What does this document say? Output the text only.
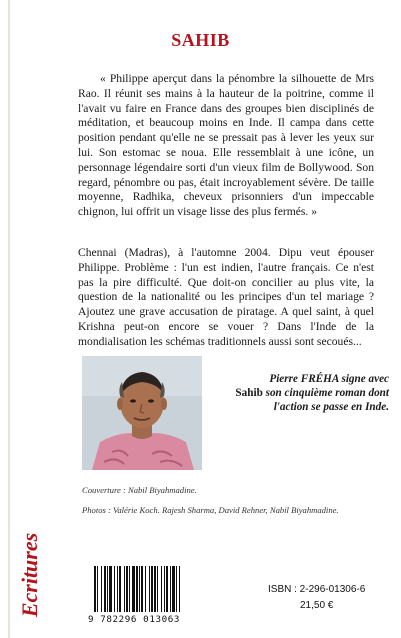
SAHIB

« Philippe aperçut dans la pénombre la silhouette de Mrs Rao. Il réunit ses mains à la hauteur de la poitrine, comme il l'avait vu faire en France dans des groupes bien disciplinés de méditation, et beaucoup moins en Inde. Il campa dans cette position pendant qu'elle ne se pressait pas à lever les yeux sur lui. Son estomac se noua. Elle ressemblait à une icône, un personnage légendaire sorti d'un vieux film de Bollywood. Son regard, pénombre ou pas, était incroyablement sévère. De taille moyenne, Radhika, cheveux prisonniers d'un impeccable chignon, lui offrit un visage lisse des plus fermés. »

Chennai (Madras), à l'automne 2004. Dipu veut épouser Philippe. Problème : l'un est indien, l'autre français. Ce n'est pas la pire difficulté. Que doit-on concilier au plus vite, la question de la nationalité ou les principes d'un tel mariage ? Ajoutez une grave accusation de piratage. A quel saint, à quel Krishna peut-on encore se vouer ? Dans l'Inde de la mondialisation les schémas traditionnels aussi sont secoués...

Pierre FRÉHA signe avec
Sahib son cinquième roman dont
l'action se passe en Inde.
Couverture : Nabil Biyahmadine.
Photos : Valérie Koch. Rajesh Sharma, David Rehner, Nabil Biyahmadine.
Ecritures
9 782296 013063
ISBN : 2-296-01306-6
21,50 €
